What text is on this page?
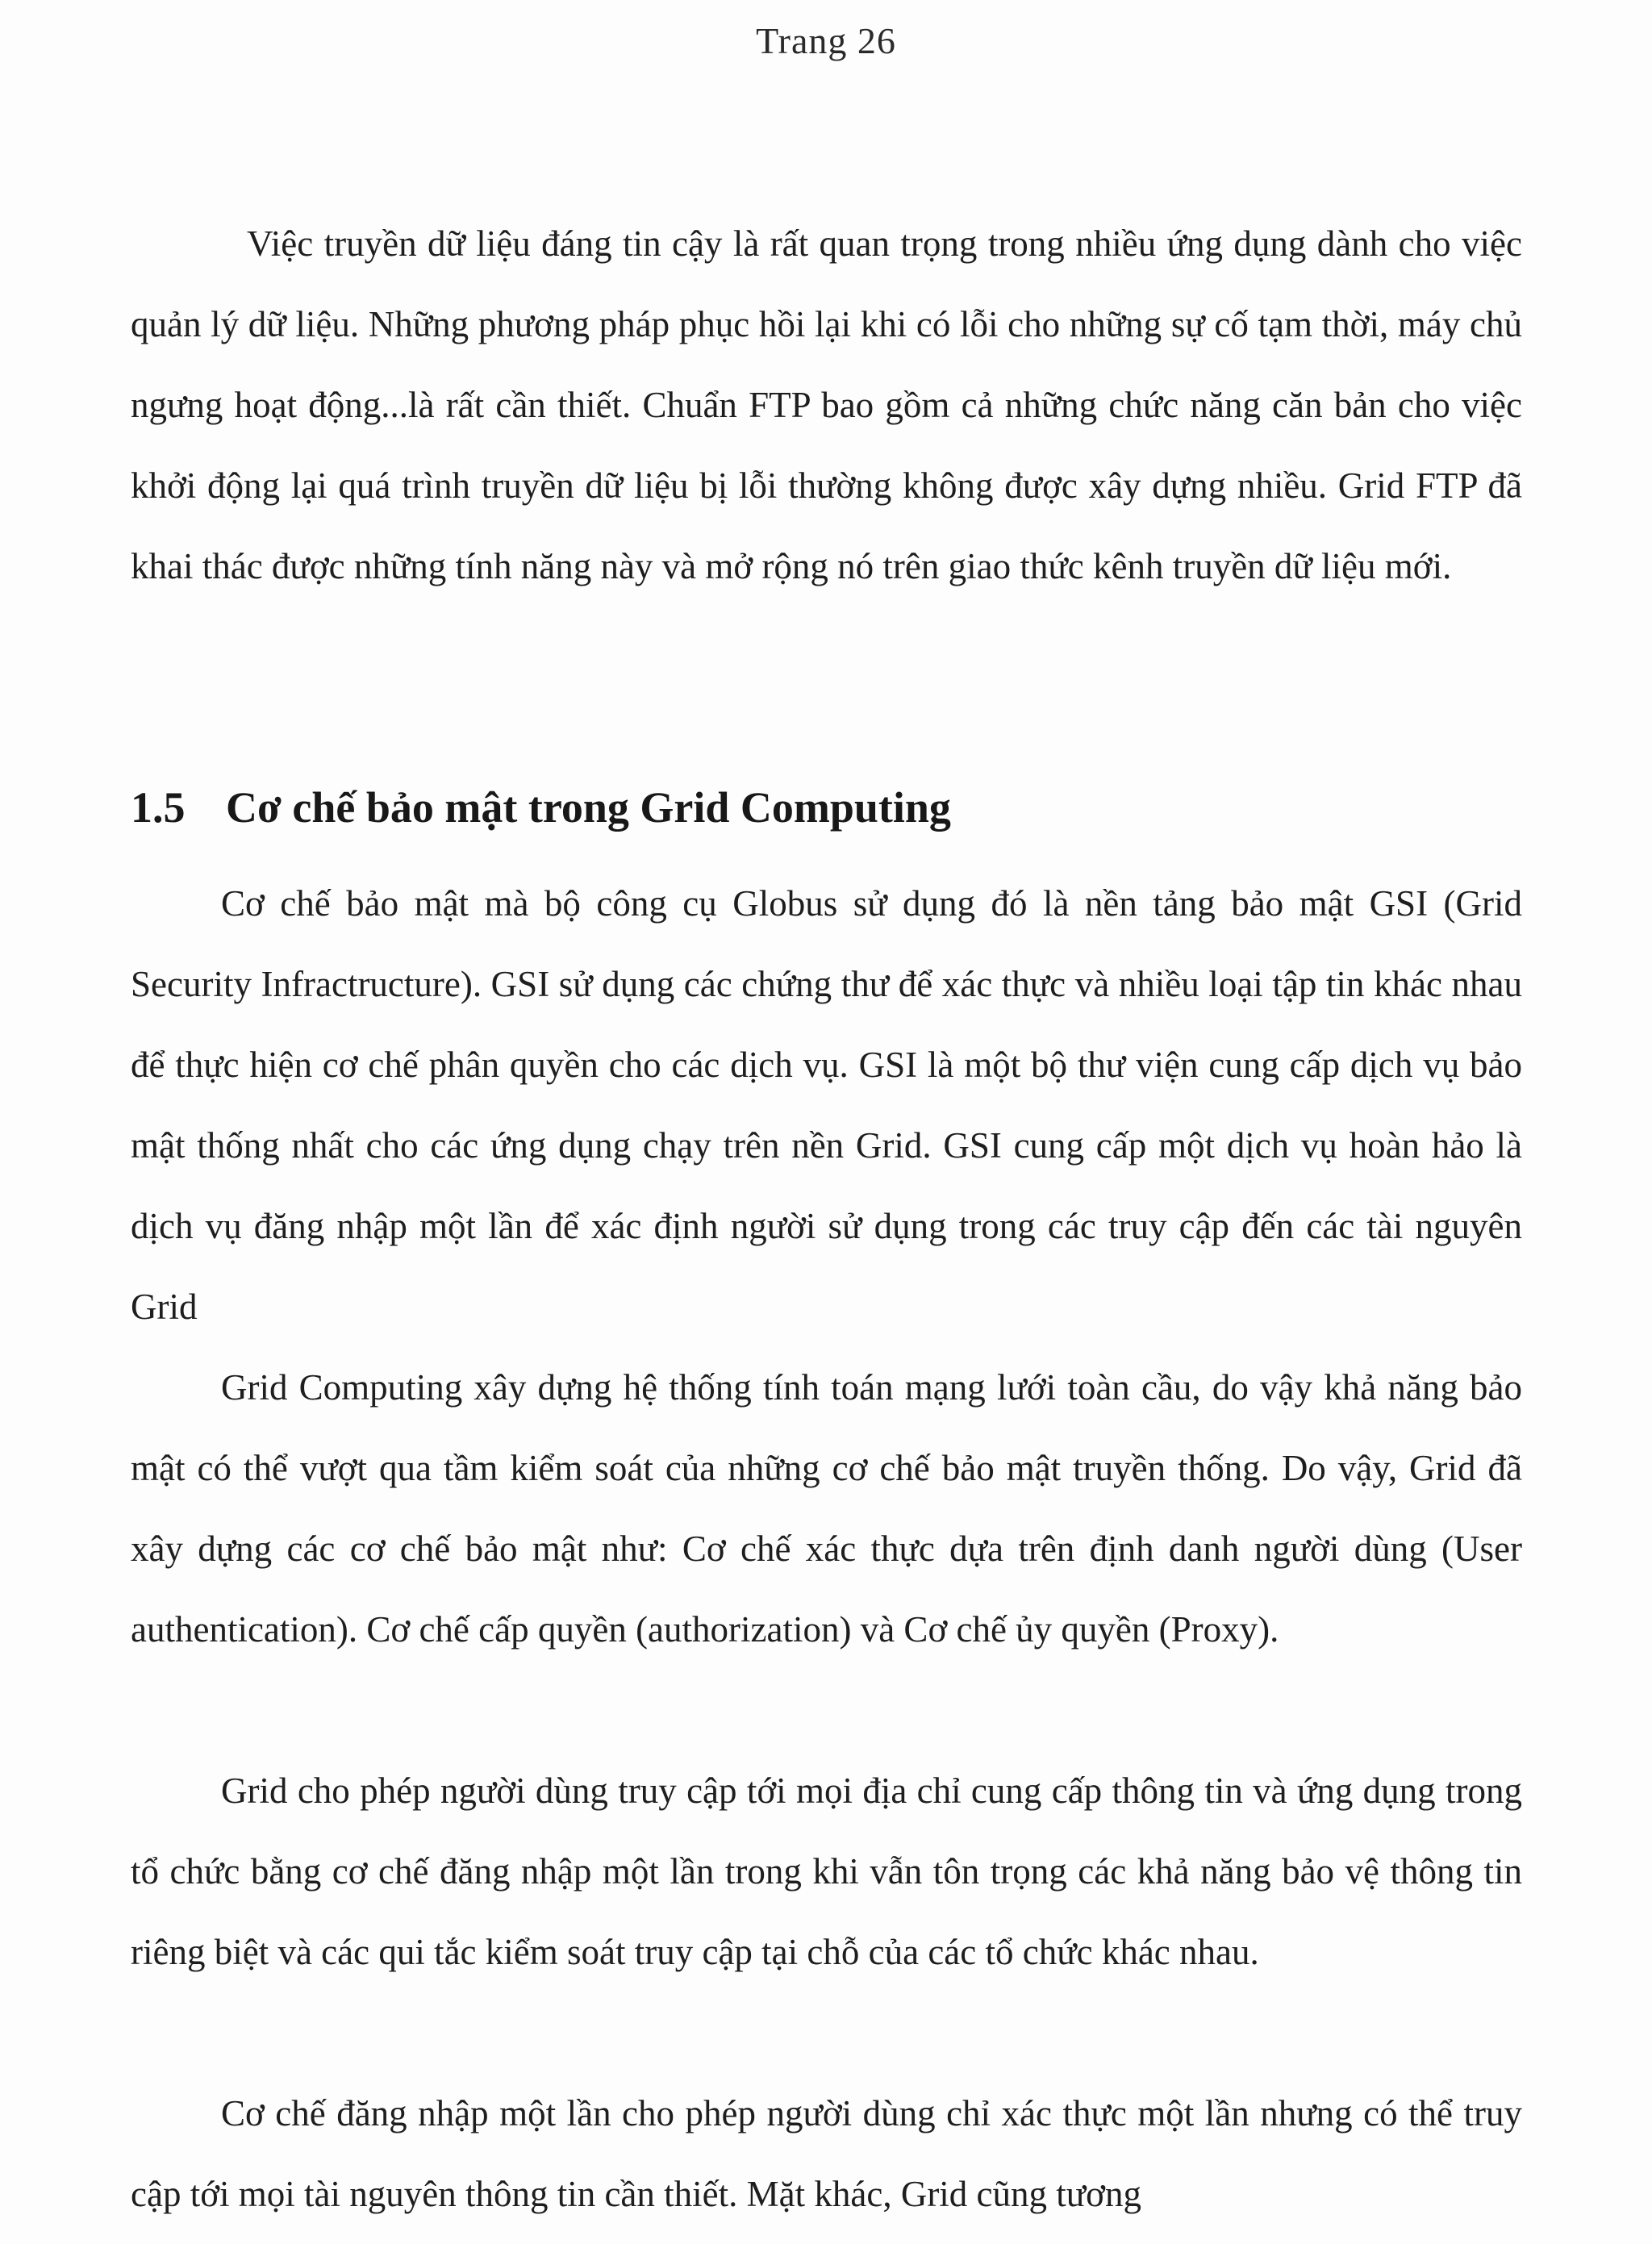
Trang 26

Việc truyền dữ liệu đáng tin cậy là rất quan trọng trong nhiều ứng dụng dành cho việc quản lý dữ liệu. Những phương pháp phục hồi lại khi có lỗi cho những sự cố tạm thời, máy chủ ngưng hoạt động...là rất cần thiết. Chuẩn FTP bao gồm cả những chức năng căn bản cho việc khởi động lại quá trình truyền dữ liệu bị lỗi thường không được xây dựng nhiều. Grid FTP đã khai thác được những tính năng này và mở rộng nó trên giao thức kênh truyền dữ liệu mới.

1.5 Cơ chế bảo mật trong Grid Computing

Cơ chế bảo mật mà bộ công cụ Globus sử dụng đó là nền tảng bảo mật GSI (Grid Security Infractructure). GSI sử dụng các chứng thư để xác thực và nhiều loại tập tin khác nhau để thực hiện cơ chế phân quyền cho các dịch vụ. GSI là một bộ thư viện cung cấp dịch vụ bảo mật thống nhất cho các ứng dụng chạy trên nền Grid. GSI cung cấp một dịch vụ hoàn hảo là dịch vụ đăng nhập một lần để xác định người sử dụng trong các truy cập đến các tài nguyên Grid

Grid Computing xây dựng hệ thống tính toán mạng lưới toàn cầu, do vậy khả năng bảo mật có thể vượt qua tầm kiểm soát của những cơ chế bảo mật truyền thống. Do vậy, Grid đã xây dựng các cơ chế bảo mật như: Cơ chế xác thực dựa trên định danh người dùng (User authentication). Cơ chế cấp quyền (authorization) và Cơ chế ủy quyền (Proxy).

Grid cho phép người dùng truy cập tới mọi địa chỉ cung cấp thông tin và ứng dụng trong tổ chức bằng cơ chế đăng nhập một lần trong khi vẫn tôn trọng các khả năng bảo vệ thông tin riêng biệt và các qui tắc kiểm soát truy cập tại chỗ của các tổ chức khác nhau.

Cơ chế đăng nhập một lần cho phép người dùng chỉ xác thực một lần nhưng có thể truy cập tới mọi tài nguyên thông tin cần thiết. Mặt khác, Grid cũng tương
